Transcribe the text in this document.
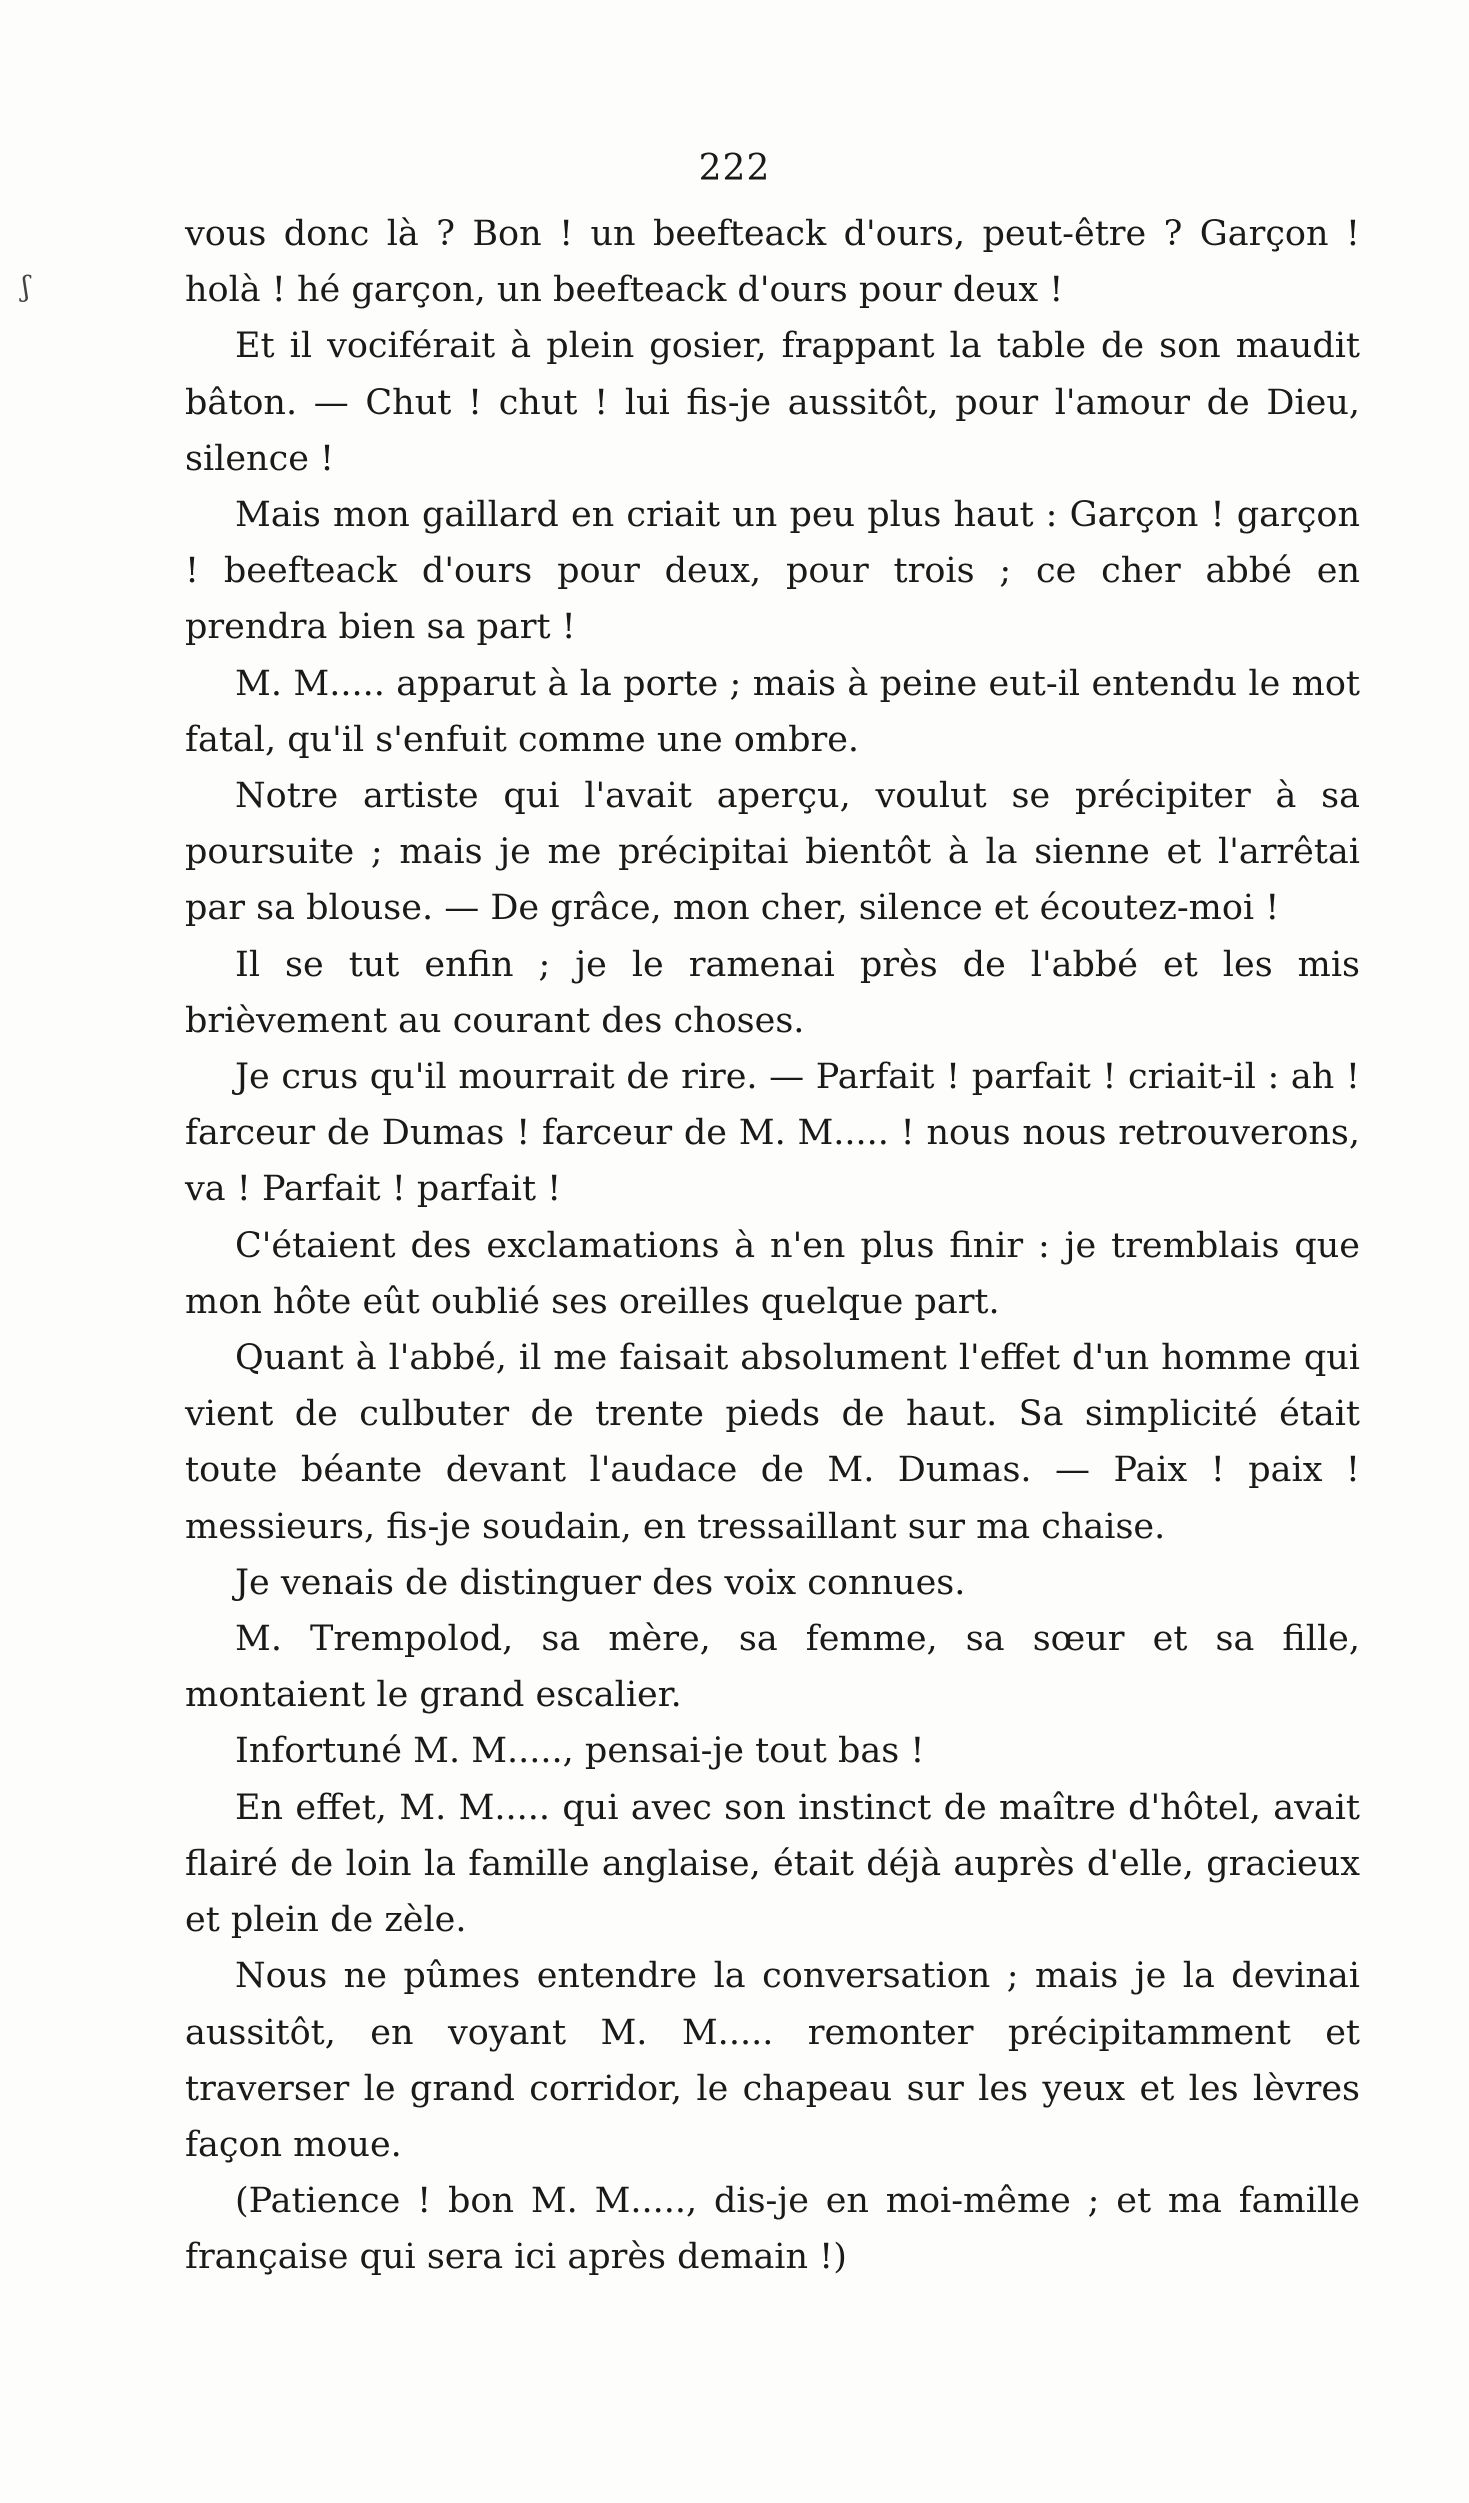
ʃ
222

vous donc là ? Bon ! un beefteack d'ours, peut-être ? Garçon ! holà ! hé garçon, un beefteack d'ours pour deux !

Et il vociférait à plein gosier, frappant la table de son maudit bâton. — Chut ! chut ! lui fis-je aussitôt, pour l'amour de Dieu, silence !

Mais mon gaillard en criait un peu plus haut : Garçon ! garçon ! beefteack d'ours pour deux, pour trois ; ce cher abbé en prendra bien sa part !

M. M..... apparut à la porte ; mais à peine eut-il entendu le mot fatal, qu'il s'enfuit comme une ombre.

Notre artiste qui l'avait aperçu, voulut se précipiter à sa poursuite ; mais je me précipitai bientôt à la sienne et l'arrêtai par sa blouse. — De grâce, mon cher, silence et écoutez-moi !

Il se tut enfin ; je le ramenai près de l'abbé et les mis brièvement au courant des choses.

Je crus qu'il mourrait de rire. — Parfait ! parfait ! criait-il : ah ! farceur de Dumas ! farceur de M. M..... ! nous nous retrouverons, va ! Parfait ! parfait !

C'étaient des exclamations à n'en plus finir : je tremblais que mon hôte eût oublié ses oreilles quelque part.

Quant à l'abbé, il me faisait absolument l'effet d'un homme qui vient de culbuter de trente pieds de haut. Sa simplicité était toute béante devant l'audace de M. Dumas. — Paix ! paix ! messieurs, fis-je soudain, en tressaillant sur ma chaise.

Je venais de distinguer des voix connues.

M. Trempolod, sa mère, sa femme, sa sœur et sa fille, montaient le grand escalier.

Infortuné M. M....., pensai-je tout bas !

En effet, M. M..... qui avec son instinct de maître d'hôtel, avait flairé de loin la famille anglaise, était déjà auprès d'elle, gracieux et plein de zèle.

Nous ne pûmes entendre la conversation ; mais je la devinai aussitôt, en voyant M. M..... remonter précipitamment et traverser le grand corridor, le chapeau sur les yeux et les lèvres façon moue.

(Patience ! bon M. M....., dis-je en moi-même ; et ma famille française qui sera ici après demain !)
